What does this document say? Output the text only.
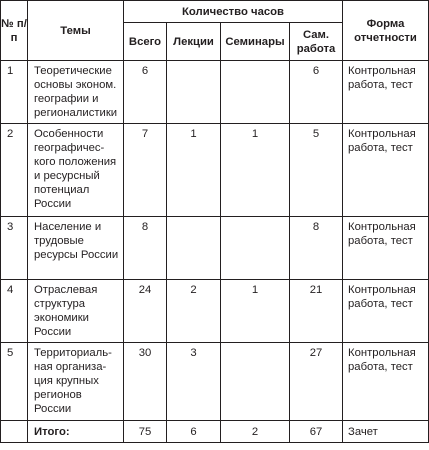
№ п/п	Темы	Количество часов				Форма отчетности
		Всего	Лекции	Семинары	Сам. работа	
1	Теоретические основы эконом. географии и регионалистики	6			6	Контрольная работа, тест
2	Особенности географического положения и ресурсный потенциал России	7	1	1	5	Контрольная работа, тест
3	Население и трудовые ресурсы России	8			8	Контрольная работа, тест
4	Отраслевая структура экономики России	24	2	1	21	Контрольная работа, тест
5	Территориальная организация крупных регионов России	30	3		27	Контрольная работа, тест
	Итого:	75	6	2	67	Зачет
